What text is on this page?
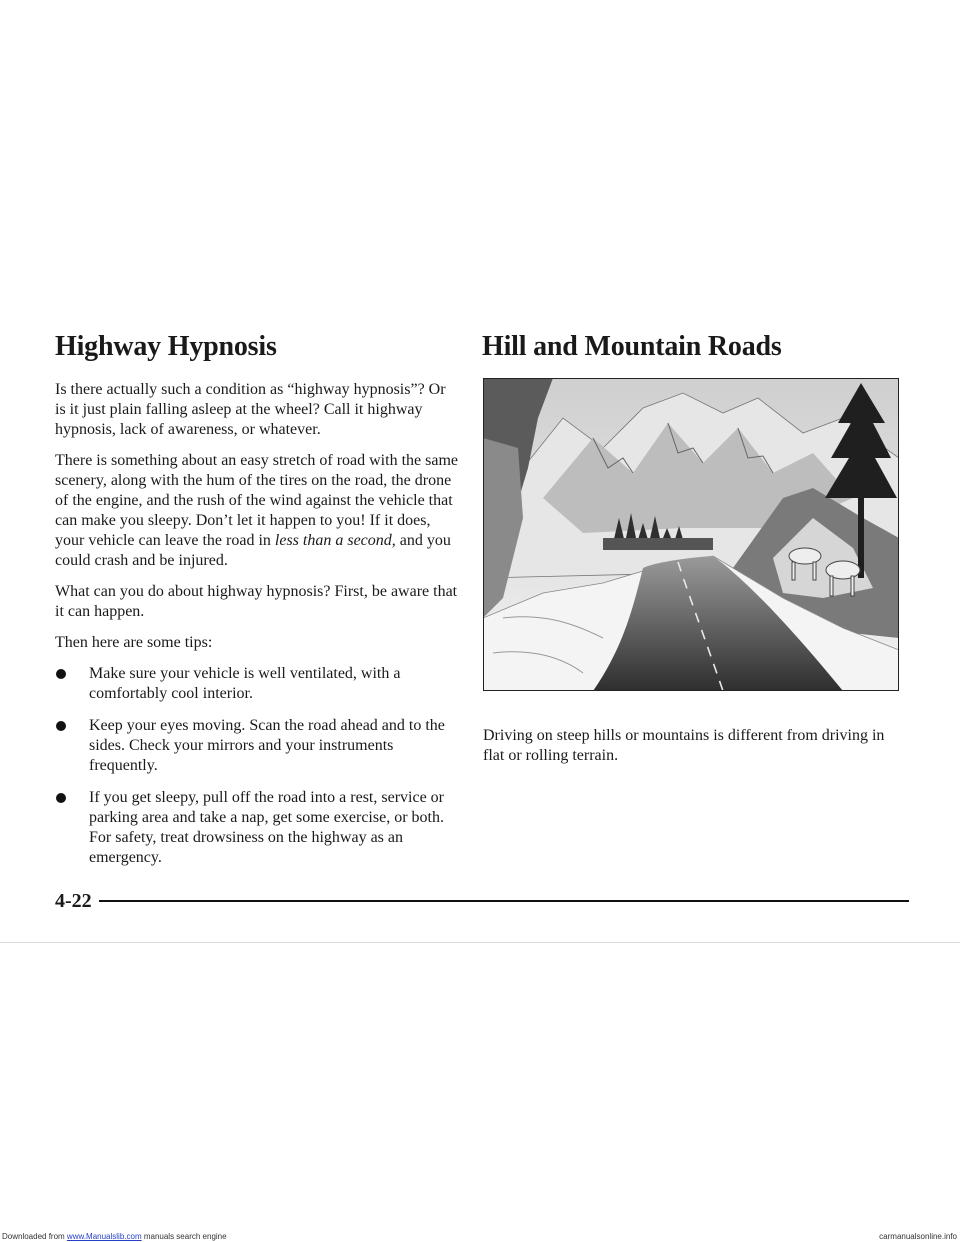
Highway Hypnosis

Is there actually such a condition as “highway hypnosis”? Or is it just plain falling asleep at the wheel? Call it highway hypnosis, lack of awareness, or whatever.

There is something about an easy stretch of road with the same scenery, along with the hum of the tires on the road, the drone of the engine, and the rush of the wind against the vehicle that can make you sleepy. Don’t let it happen to you! If it does, your vehicle can leave the road in less than a second, and you could crash and be injured.

What can you do about highway hypnosis? First, be aware that it can happen.

Then here are some tips:

Make sure your vehicle is well ventilated, with a comfortably cool interior.
Keep your eyes moving. Scan the road ahead and to the sides. Check your mirrors and your instruments frequently.
If you get sleepy, pull off the road into a rest, service or parking area and take a nap, get some exercise, or both. For safety, treat drowsiness on the highway as an emergency.
Hill and Mountain Roads

Driving on steep hills or mountains is different from driving in flat or rolling terrain.

4-22
Downloaded from www.Manualslib.com manuals search engine	carmanualsonline.info
